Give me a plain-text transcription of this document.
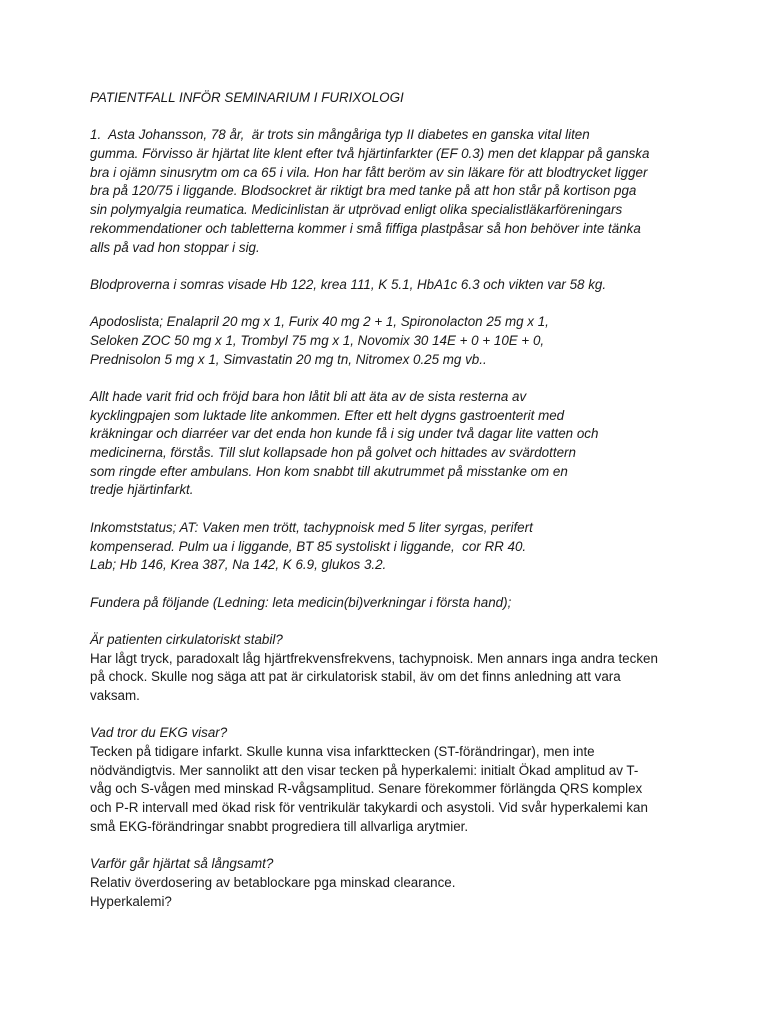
PATIENTFALL INFÖR SEMINARIUM I FURIXOLOGI
1.  Asta Johansson, 78 år,  är trots sin mångåriga typ II diabetes en ganska vital liten
gumma. Förvisso är hjärtat lite klent efter två hjärtinfarkter (EF 0.3) men det klappar på ganska
bra i ojämn sinusrytm om ca 65 i vila. Hon har fått beröm av sin läkare för att blodtrycket ligger
bra på 120/75 i liggande. Blodsockret är riktigt bra med tanke på att hon står på kortison pga
sin polymyalgia reumatica. Medicinlistan är utprövad enligt olika specialistläkarföreningars
rekommendationer och tabletterna kommer i små fiffiga plastpåsar så hon behöver inte tänka
alls på vad hon stoppar i sig.
Blodproverna i somras visade Hb 122, krea 111, K 5.1, HbA1c 6.3 och vikten var 58 kg.
Apodoslista; Enalapril 20 mg x 1, Furix 40 mg 2 + 1, Spironolacton 25 mg x 1,
Seloken ZOC 50 mg x 1, Trombyl 75 mg x 1, Novomix 30 14E + 0 + 10E + 0,
Prednisolon 5 mg x 1, Simvastatin 20 mg tn, Nitromex 0.25 mg vb..
Allt hade varit frid och fröjd bara hon låtit bli att äta av de sista resterna av
kycklingpajen som luktade lite ankommen. Efter ett helt dygns gastroenterit med
kräkningar och diarréer var det enda hon kunde få i sig under två dagar lite vatten och
medicinerna, förstås. Till slut kollapsade hon på golvet och hittades av svärdottern
som ringde efter ambulans. Hon kom snabbt till akutrummet på misstanke om en
tredje hjärtinfarkt.
Inkomststatus; AT: Vaken men trött, tachypnoisk med 5 liter syrgas, perifert
kompenserad. Pulm ua i liggande, BT 85 systoliskt i liggande,  cor RR 40.
Lab; Hb 146, Krea 387, Na 142, K 6.9, glukos 3.2.
Fundera på följande (Ledning: leta medicin(bi)verkningar i första hand);
Är patienten cirkulatoriskt stabil?
Har lågt tryck, paradoxalt låg hjärtfrekvensfrekvens, tachypnoisk. Men annars inga andra tecken
på chock. Skulle nog säga att pat är cirkulatorisk stabil, äv om det finns anledning att vara
vaksam.
Vad tror du EKG visar?
Tecken på tidigare infarkt. Skulle kunna visa infarkttecken (ST-förändringar), men inte
nödvändigtvis. Mer sannolikt att den visar tecken på hyperkalemi: initialt Ökad amplitud av T-
våg och S-vågen med minskad R-vågsamplitud. Senare förekommer förlängda QRS komplex
och P-R intervall med ökad risk för ventrikulär takykardi och asystoli. Vid svår hyperkalemi kan
små EKG-förändringar snabbt progrediera till allvarliga arytmier.
Varför går hjärtat så långsamt?
Relativ överdosering av betablockare pga minskad clearance.
Hyperkalemi?
